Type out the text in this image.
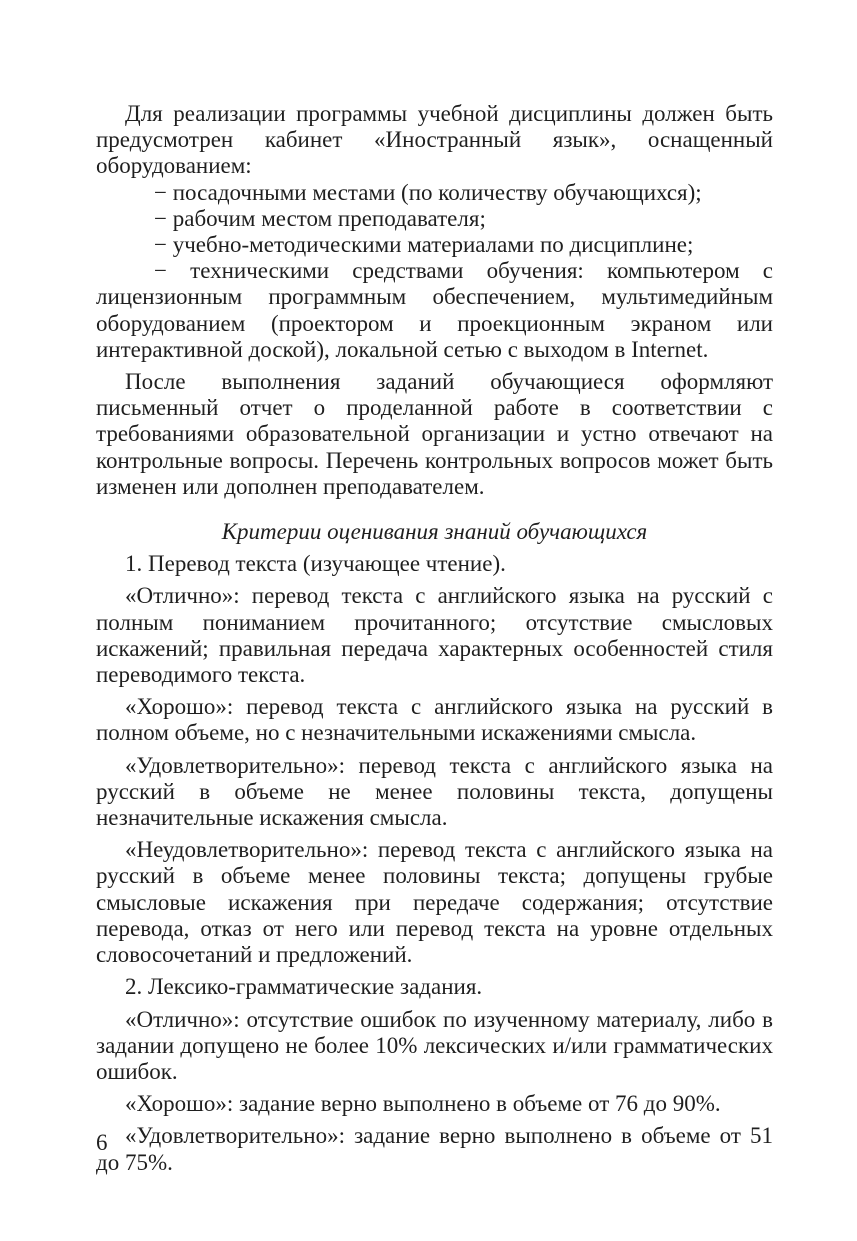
Для реализации программы учебной дисциплины должен быть предусмотрен кабинет «Иностранный язык», оснащенный оборудованием:

− посадочными местами (по количеству обучающихся);

− рабочим местом преподавателя;

− учебно-методическими материалами по дисциплине;

− техническими средствами обучения: компьютером с лицензионным программным обеспечением, мультимедийным оборудованием (проектором и проекционным экраном или интерактивной доской), локальной сетью с выходом в Internet.

После выполнения заданий обучающиеся оформляют письменный отчет о проделанной работе в соответствии с требованиями образовательной организации и устно отвечают на контрольные вопросы. Перечень контрольных вопросов может быть изменен или дополнен преподавателем.

Критерии оценивания знаний обучающихся

1. Перевод текста (изучающее чтение).

«Отлично»: перевод текста с английского языка на русский с полным пониманием прочитанного; отсутствие смысловых искажений; правильная передача характерных особенностей стиля переводимого текста.

«Хорошо»: перевод текста с английского языка на русский в полном объеме, но с незначительными искажениями смысла.

«Удовлетворительно»: перевод текста с английского языка на русский в объеме не менее половины текста, допущены незначительные искажения смысла.

«Неудовлетворительно»: перевод текста с английского языка на русский в объеме менее половины текста; допущены грубые смысловые искажения при передаче содержания; отсутствие перевода, отказ от него или перевод текста на уровне отдельных словосочетаний и предложений.

2. Лексико-грамматические задания.

«Отлично»: отсутствие ошибок по изученному материалу, либо в задании допущено не более 10% лексических и/или грамматических ошибок.

«Хорошо»: задание верно выполнено в объеме от 76 до 90%.

«Удовлетворительно»: задание верно выполнено в объеме от 51 до 75%.

6
